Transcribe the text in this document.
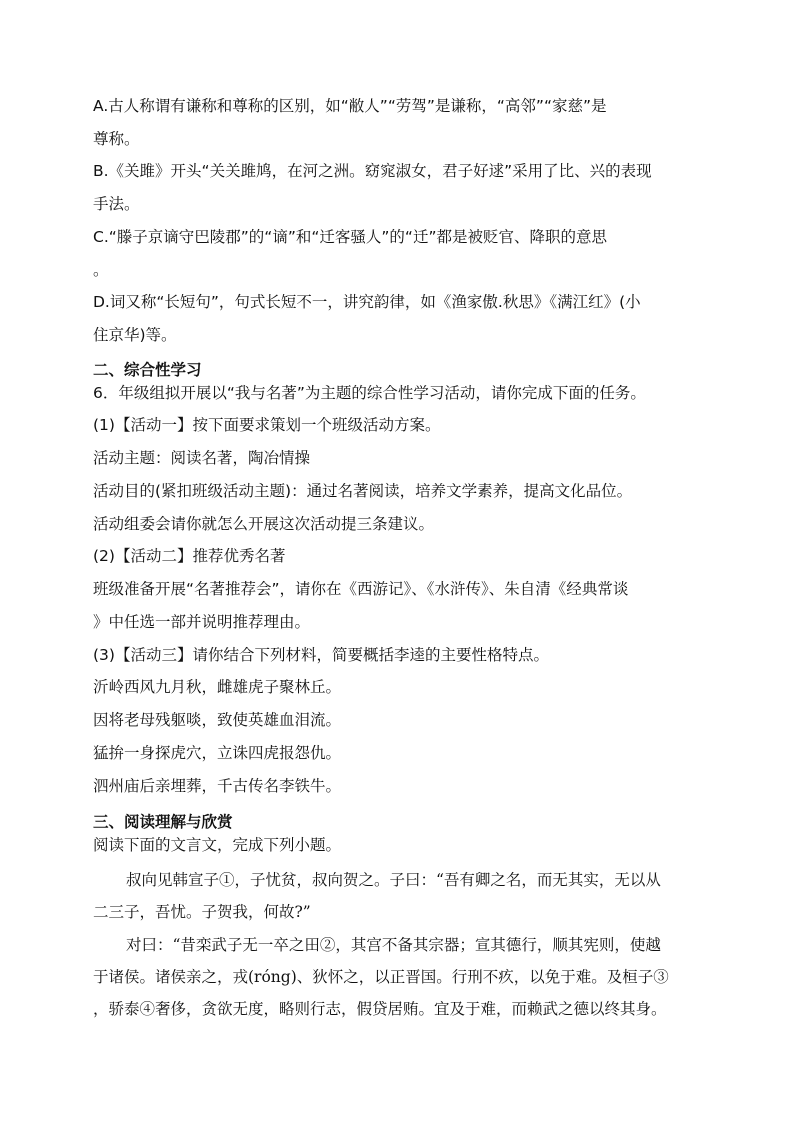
A.古人称谓有谦称和尊称的区别，如“敝人”“劳驾”是谦称，“高邻”“家慈”是
尊称。
B.《关雎》开头“关关雎鸠，在河之洲。窈窕淑女，君子好逑”采用了比、兴的表现
手法。
C.“滕子京谪守巴陵郡”的“谪”和“迁客骚人”的“迁”都是被贬官、降职的意思
。
D.词又称“长短句”，句式长短不一，讲究韵律，如《渔家傲.秋思》《满江红》(小
住京华)等。
二、综合性学习
6．年级组拟开展以“我与名著”为主题的综合性学习活动，请你完成下面的任务。
(1)【活动一】按下面要求策划一个班级活动方案。
活动主题：阅读名著，陶冶情操
活动目的(紧扣班级活动主题)：通过名著阅读，培养文学素养，提高文化品位。
活动组委会请你就怎么开展这次活动提三条建议。
(2)【活动二】推荐优秀名著
班级准备开展“名著推荐会”，请你在《西游记》、《水浒传》、朱自清《经典常谈
》中任选一部并说明推荐理由。
(3)【活动三】请你结合下列材料，简要概括李逵的主要性格特点。
沂岭西风九月秋，雌雄虎子聚林丘。
因将老母残躯啖，致使英雄血泪流。
猛拚一身探虎穴，立诛四虎报怨仇。
泗州庙后亲埋葬，千古传名李铁牛。
三、阅读理解与欣赏
阅读下面的文言文，完成下列小题。
叔向见韩宣子①，子忧贫，叔向贺之。子曰：“吾有卿之名，而无其实，无以从
二三子，吾忧。子贺我，何故?”
对曰：“昔栾武子无一卒之田②，其宫不备其宗器；宣其德行，顺其宪则，使越
于诸侯。诸侯亲之，戎(róng)、狄怀之，以正晋国。行刑不疚，以免于难。及桓子③
，骄泰④奢侈，贪欲无度，略则行志，假贷居贿。宜及于难，而赖武之德以终其身。
